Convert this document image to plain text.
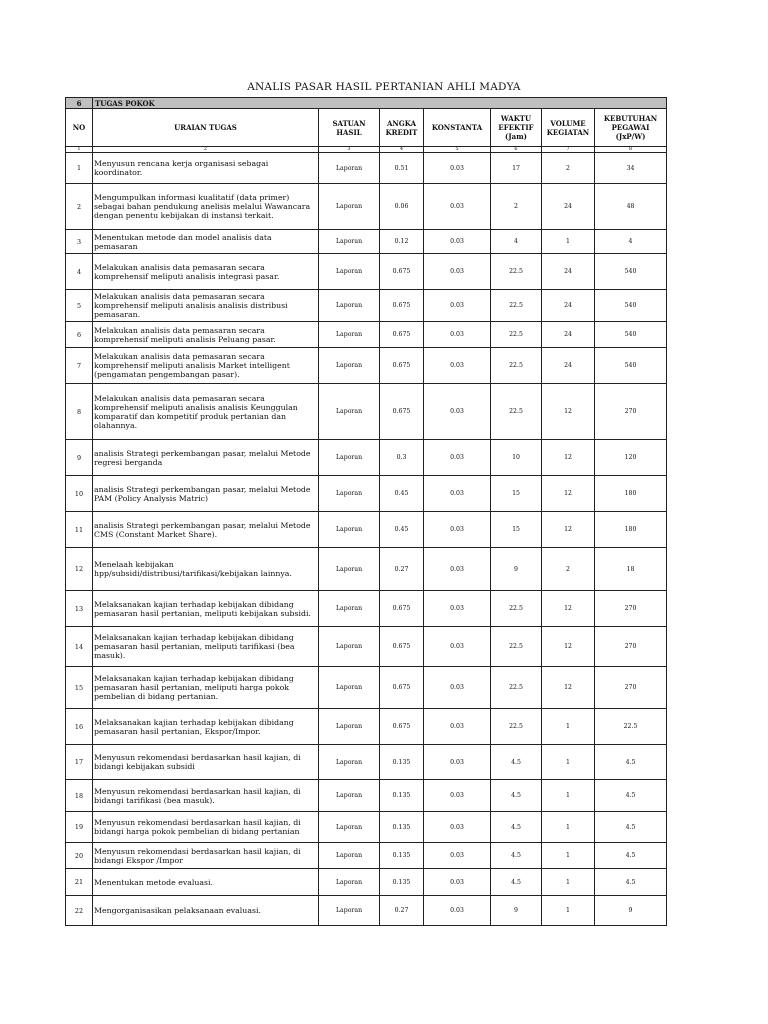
ANALIS PASAR HASIL PERTANIAN AHLI MADYA
6	TUGAS POKOK						
NO	URAIAN TUGAS	SATUAN HASIL	ANGKA KREDIT	KONSTANTA	WAKTU EFEKTIF (Jam)	VOLUME KEGIATAN	KEBUTUHAN PEGAWAI (JxP/W)
1	2	3	4	5	6	7	8
1	Menyusun rencana kerja organisasi sebagai koordinator.	Laporan	0.51	0.03	17	2	34
2	Mengumpulkan informasi kualitatif (data primer) sebagai bahan pendukung anelisis melalui Wawancara dengan penentu kebijakan di instansi terkait.	Laporan	0.06	0.03	2	24	48
3	Menentukan metode dan model analisis data pemasaran	Laporan	0.12	0.03	4	1	4
4	Melakukan analisis data pemasaran secara komprehensif meliputi analisis integrasi pasar.	Laporan	0.675	0.03	22.5	24	540
5	Melakukan analisis data pemasaran secara komprehensif meliputi analisis analisis distribusi pemasaran.	Laporan	0.675	0.03	22.5	24	540
6	Melakukan analisis data pemasaran secara komprehensif meliputi analisis Peluang pasar.	Laporan	0.675	0.03	22.5	24	540
7	Melakukan analisis data pemasaran secara komprehensif meliputi analisis Market intelligent (pengamatan pengembangan pasar).	Laporan	0.675	0.03	22.5	24	540
8	Melakukan analisis data pemasaran secara komprehensif meliputi analisis analisis Keunggulan komparatif dan kompetitif produk pertanian dan olahannya.	Laporan	0.675	0.03	22.5	12	270
9	analisis Strategi perkembangan pasar, melalui Metode regresi berganda	Laporan	0.3	0.03	10	12	120
10	analisis Strategi perkembangan pasar, melalui Metode PAM (Policy Analysis Matric)	Laporan	0.45	0.03	15	12	180
11	analisis Strategi perkembangan pasar, melalui Metode CMS (Constant Market Share).	Laporan	0.45	0.03	15	12	180
12	Menelaah kebijakan hpp/subsidi/distribusi/tarifikasi/kebijakan lainnya.	Laporan	0.27	0.03	9	2	18
13	Melaksanakan kajian terhadap kebijakan dibidang pemasaran hasil pertanian, meliputi kebijakan subsidi.	Laporan	0.675	0.03	22.5	12	270
14	Melaksanakan kajian terhadap kebijakan dibidang pemasaran hasil pertanian, meliputi tarifikasi (bea masuk).	Laporan	0.675	0.03	22.5	12	270
15	Melaksanakan kajian terhadap kebijakan dibidang pemasaran hasil pertanian, meliputi harga pokok pembelian di bidang pertanian.	Laporan	0.675	0.03	22.5	12	270
16	Melaksanakan kajian terhadap kebijakan dibidang pemasaran hasil pertanian, Ekspor/Impor.	Laporan	0.675	0.03	22.5	1	22.5
17	Menyusun rekomendasi berdasarkan hasil kajian, di bidangi kebijakan subsidi	Laporan	0.135	0.03	4.5	1	4.5
18	Menyusun rekomendasi berdasarkan hasil kajian, di bidangi tarifikasi (bea masuk).	Laporan	0.135	0.03	4.5	1	4.5
19	Menyusun rekomendasi berdasarkan hasil kajian, di bidangi harga pokok pembelian di bidang pertanian	Laporan	0.135	0.03	4.5	1	4.5
20	Menyusun rekomendasi berdasarkan hasil kajian, di bidangi Ekspor /Impor	Laporan	0.135	0.03	4.5	1	4.5
21	Menentukan metode evaluasi.	Laporan	0.135	0.03	4.5	1	4.5
22	Mengorganisasikan pelaksanaan evaluasi.	Laporan	0.27	0.03	9	1	9
